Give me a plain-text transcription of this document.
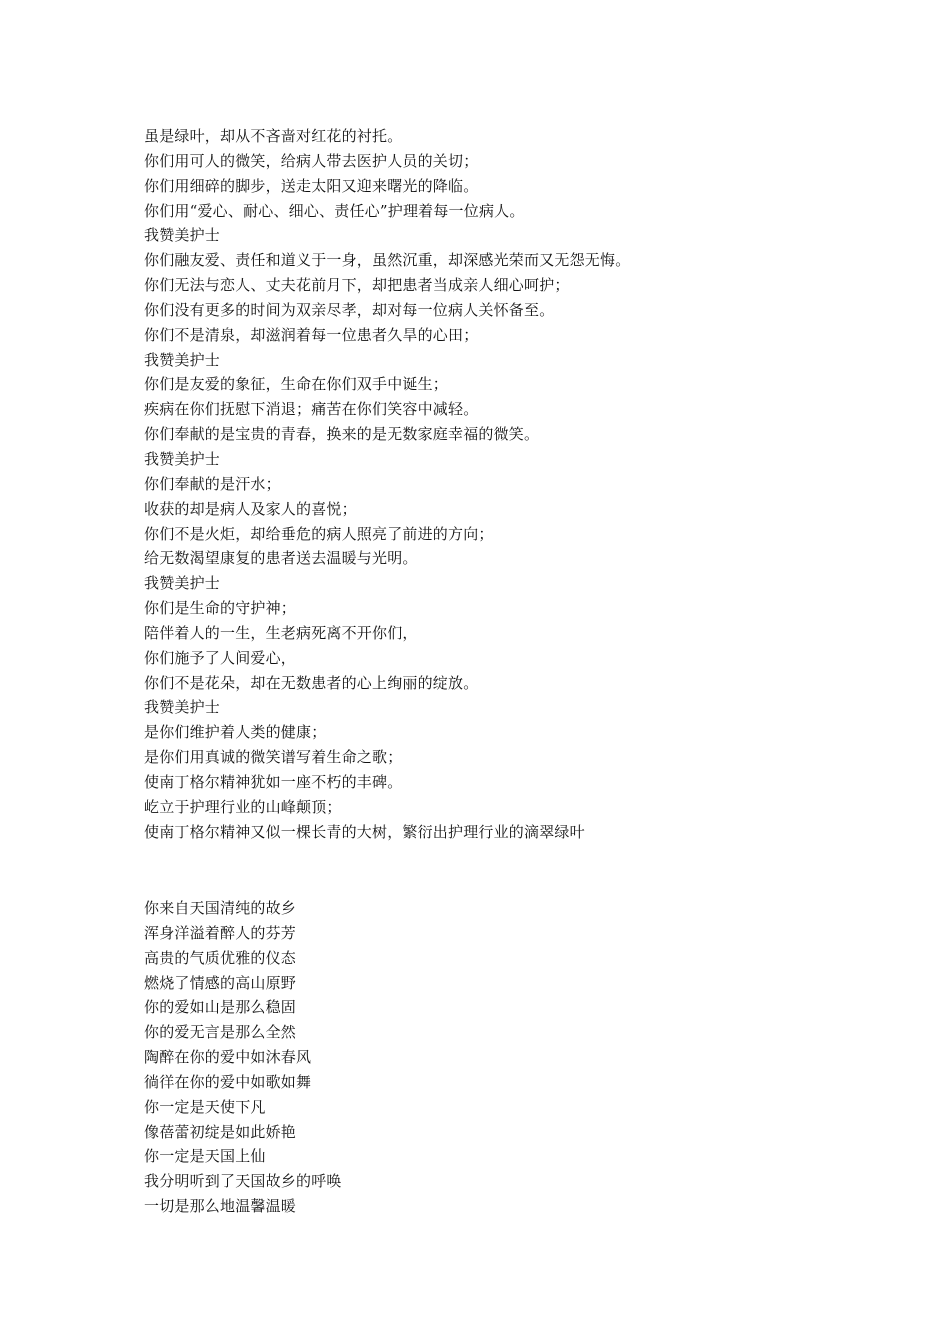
虽是绿叶，却从不吝啬对红花的衬托。
你们用可人的微笑，给病人带去医护人员的关切；
你们用细碎的脚步，送走太阳又迎来曙光的降临。
你们用“爱心、耐心、细心、责任心”护理着每一位病人。
我赞美护士
你们融友爱、责任和道义于一身，虽然沉重，却深感光荣而又无怨无悔。
你们无法与恋人、丈夫花前月下，却把患者当成亲人细心呵护；
你们没有更多的时间为双亲尽孝，却对每一位病人关怀备至。
你们不是清泉，却滋润着每一位患者久旱的心田；
我赞美护士
你们是友爱的象征，生命在你们双手中诞生；
疾病在你们抚慰下消退；痛苦在你们笑容中减轻。
你们奉献的是宝贵的青春，换来的是无数家庭幸福的微笑。
我赞美护士
你们奉献的是汗水；
收获的却是病人及家人的喜悦；
你们不是火炬，却给垂危的病人照亮了前进的方向；
给无数渴望康复的患者送去温暖与光明。
我赞美护士
你们是生命的守护神；
陪伴着人的一生，生老病死离不开你们，
你们施予了人间爱心，
你们不是花朵，却在无数患者的心上绚丽的绽放。
我赞美护士
是你们维护着人类的健康；
是你们用真诚的微笑谱写着生命之歌；
使南丁格尔精神犹如一座不朽的丰碑。
屹立于护理行业的山峰颠顶；
使南丁格尔精神又似一棵长青的大树，繁衍出护理行业的滴翠绿叶
你来自天国清纯的故乡
浑身洋溢着醉人的芬芳
高贵的气质优雅的仪态
燃烧了情感的高山原野
你的爱如山是那么稳固
你的爱无言是那么全然
陶醉在你的爱中如沐春风
徜徉在你的爱中如歌如舞
你一定是天使下凡
像蓓蕾初绽是如此娇艳
你一定是天国上仙
我分明听到了天国故乡的呼唤
一切是那么地温馨温暖
